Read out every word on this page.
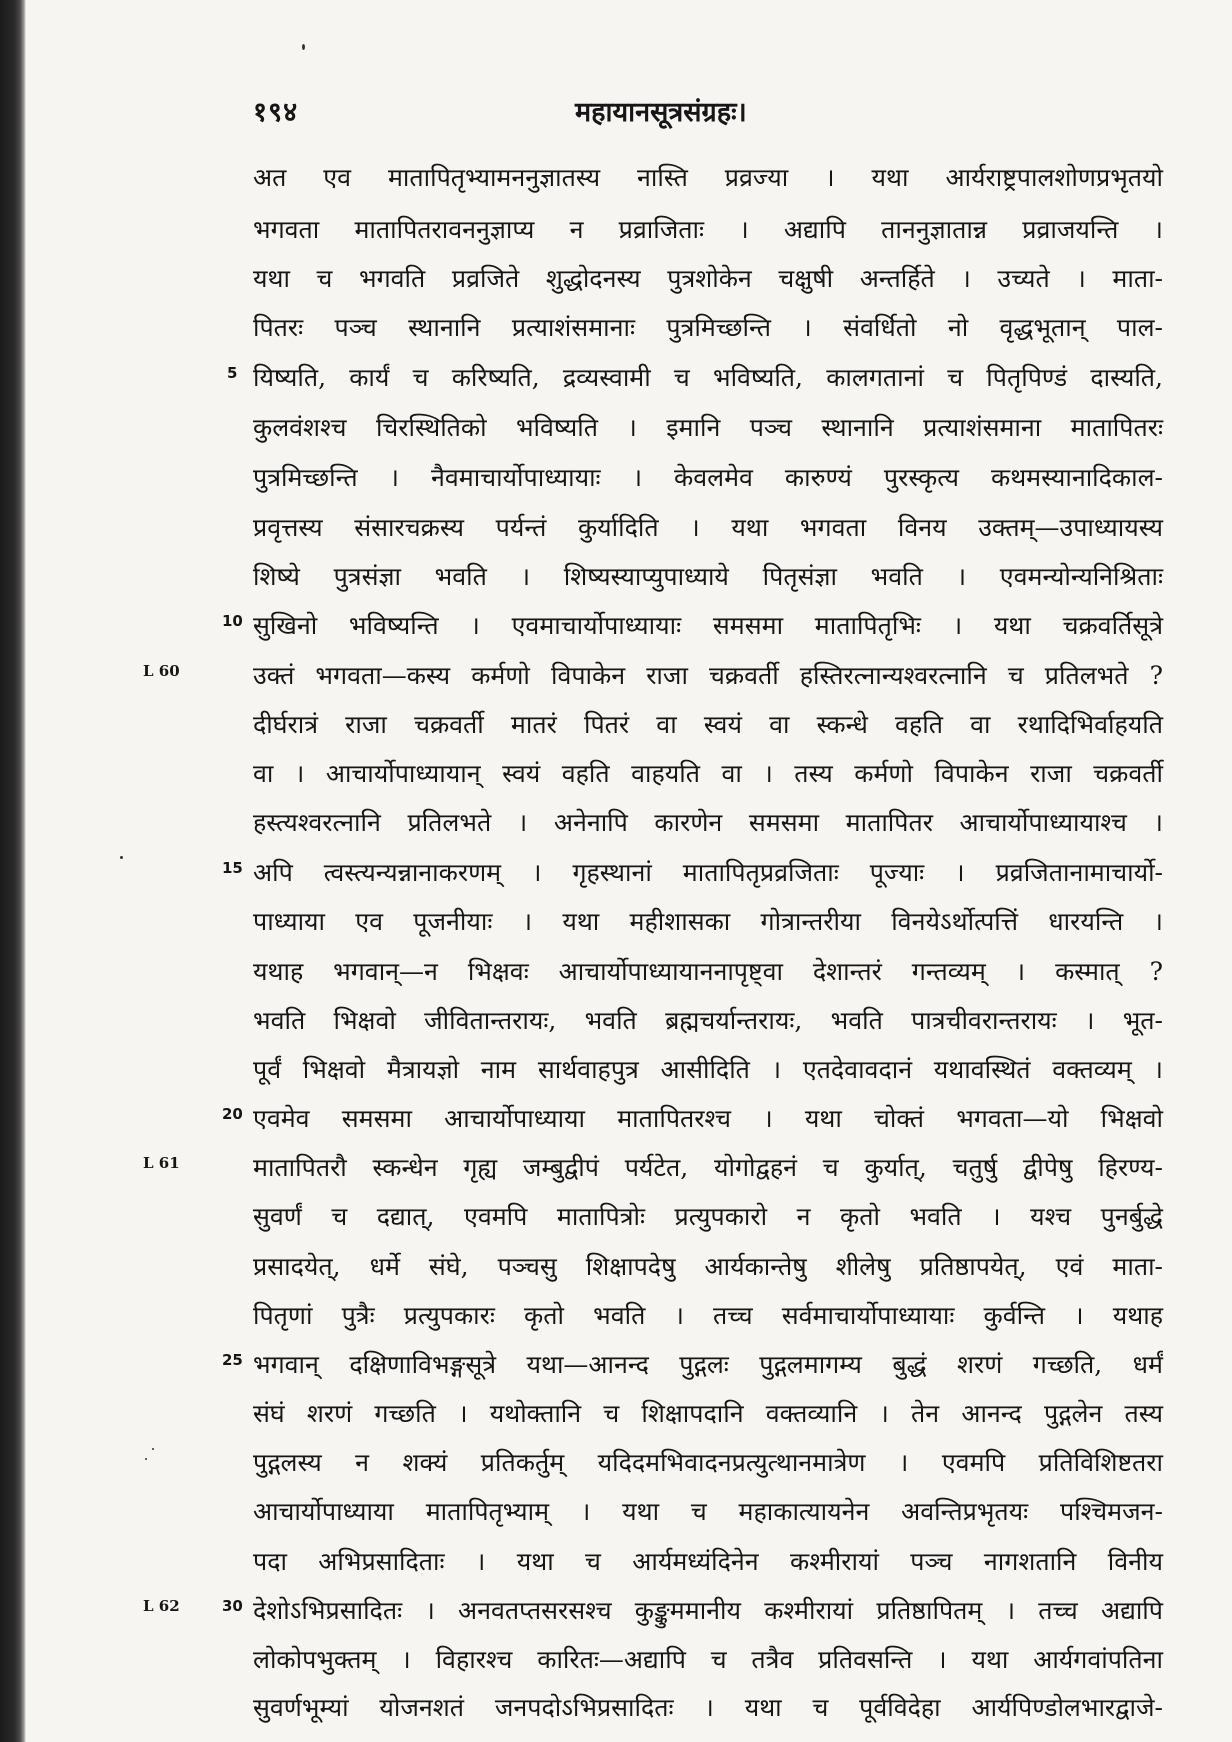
१९४	महायानसूत्रसंग्रहः।
अत एव मातापितृभ्यामननुज्ञातस्य नास्ति प्रव्रज्या । यथा आर्यराष्ट्रपालशोणप्रभृतयो
भगवता मातापितरावननुज्ञाप्य न प्रव्राजिताः । अद्यापि ताननुज्ञातान्न प्रव्राजयन्ति ।
यथा च भगवति प्रव्रजिते शुद्धोदनस्य पुत्रशोकेन चक्षुषी अन्तर्हिते । उच्यते । माता-
पितरः पञ्च स्थानानि प्रत्याशंसमानाः पुत्रमिच्छन्ति । संवर्धितो नो वृद्धभूतान् पाल-
यिष्यति, कार्यं च करिष्यति, द्रव्यस्वामी च भविष्यति, कालगतानां च पितृपिण्डं दास्यति,
कुलवंशश्च चिरस्थितिको भविष्यति । इमानि पञ्च स्थानानि प्रत्याशंसमाना मातापितरः
पुत्रमिच्छन्ति । नैवमाचार्योपाध्यायाः । केवलमेव कारुण्यं पुरस्कृत्य कथमस्यानादिकाल-
प्रवृत्तस्य संसारचक्रस्य पर्यन्तं कुर्यादिति । यथा भगवता विनय उक्तम्—उपाध्यायस्य
शिष्ये पुत्रसंज्ञा भवति । शिष्यस्याप्युपाध्याये पितृसंज्ञा भवति । एवमन्योन्यनिश्रिताः
सुखिनो भविष्यन्ति । एवमाचार्योपाध्यायाः समसमा मातापितृभिः । यथा चक्रवर्तिसूत्रे
उक्तं भगवता—कस्य कर्मणो विपाकेन राजा चक्रवर्ती हस्तिरत्नान्यश्वरत्नानि च प्रतिलभते ?
दीर्घरात्रं राजा चक्रवर्ती मातरं पितरं वा स्वयं वा स्कन्धे वहति वा रथादिभिर्वाहयति
वा । आचार्योपाध्यायान् स्वयं वहति वाहयति वा । तस्य कर्मणो विपाकेन राजा चक्रवर्ती
हस्त्यश्वरत्नानि प्रतिलभते । अनेनापि कारणेन समसमा मातापितर आचार्योपाध्यायाश्च ।
अपि त्वस्त्यन्यन्नानाकरणम् । गृहस्थानां मातापितृप्रव्रजिताः पूज्याः । प्रव्रजितानामाचार्यो-
पाध्याया एव पूजनीयाः । यथा महीशासका गोत्रान्तरीया विनयेऽर्थोत्पत्तिं धारयन्ति ।
यथाह भगवान्—न भिक्षवः आचार्योपाध्यायाननापृष्ट्वा देशान्तरं गन्तव्यम् । कस्मात् ?
भवति भिक्षवो जीवितान्तरायः, भवति ब्रह्मचर्यान्तरायः, भवति पात्रचीवरान्तरायः । भूत-
पूर्वं भिक्षवो मैत्रायज्ञो नाम सार्थवाहपुत्र आसीदिति । एतदेवावदानं यथावस्थितं वक्तव्यम् ।
एवमेव समसमा आचार्योपाध्याया मातापितरश्च । यथा चोक्तं भगवता—यो भिक्षवो
मातापितरौ स्कन्धेन गृह्य जम्बुद्वीपं पर्यटेत, योगोद्वहनं च कुर्यात्, चतुर्षु द्वीपेषु हिरण्य-
सुवर्णं च दद्यात्, एवमपि मातापित्रोः प्रत्युपकारो न कृतो भवति । यश्च पुनर्बुद्धे
प्रसादयेत्, धर्मे संघे, पञ्चसु शिक्षापदेषु आर्यकान्तेषु शीलेषु प्रतिष्ठापयेत्, एवं माता-
पितृणां पुत्रैः प्रत्युपकारः कृतो भवति । तच्च सर्वमाचार्योपाध्यायाः कुर्वन्ति । यथाह
भगवान् दक्षिणाविभङ्गसूत्रे यथा—आनन्द पुद्गलः पुद्गलमागम्य बुद्धं शरणं गच्छति, धर्मं
संघं शरणं गच्छति । यथोक्तानि च शिक्षापदानि वक्तव्यानि । तेन आनन्द पुद्गलेन तस्य
पुद्गलस्य न शक्यं प्रतिकर्तुम् यदिदमभिवादनप्रत्युत्थानमात्रेण । एवमपि प्रतिविशिष्टतरा
आचार्योपाध्याया मातापितृभ्याम् । यथा च महाकात्यायनेन अवन्तिप्रभृतयः पश्चिमजन-
पदा अभिप्रसादिताः । यथा च आर्यमध्यंदिनेन कश्मीरायां पञ्च नागशतानि विनीय
देशोऽभिप्रसादितः । अनवतप्तसरसश्च कुङ्कुममानीय कश्मीरायां प्रतिष्ठापितम् । तच्च अद्यापि
लोकोपभुक्तम् । विहारश्च कारितः—अद्यापि च तत्रैव प्रतिवसन्ति । यथा आर्यगवांपतिना
सुवर्णभूम्यां योजनशतं जनपदोऽभिप्रसादितः । यथा च पूर्वविदेहा आर्यपिण्डोलभारद्वाजे-
5
10
15
20
25
30
L 60
L 61
L 62
